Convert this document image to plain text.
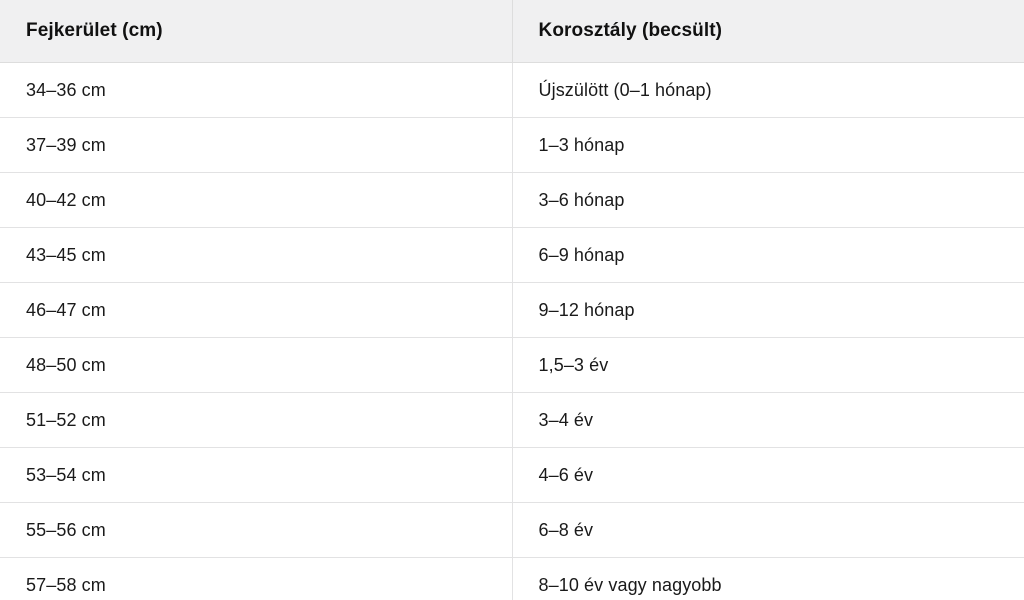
Fejkerület (cm)	Korosztály (becsült)
34–36 cm	Újszülött (0–1 hónap)
37–39 cm	1–3 hónap
40–42 cm	3–6 hónap
43–45 cm	6–9 hónap
46–47 cm	9–12 hónap
48–50 cm	1,5–3 év
51–52 cm	3–4 év
53–54 cm	4–6 év
55–56 cm	6–8 év
57–58 cm	8–10 év vagy nagyobb
